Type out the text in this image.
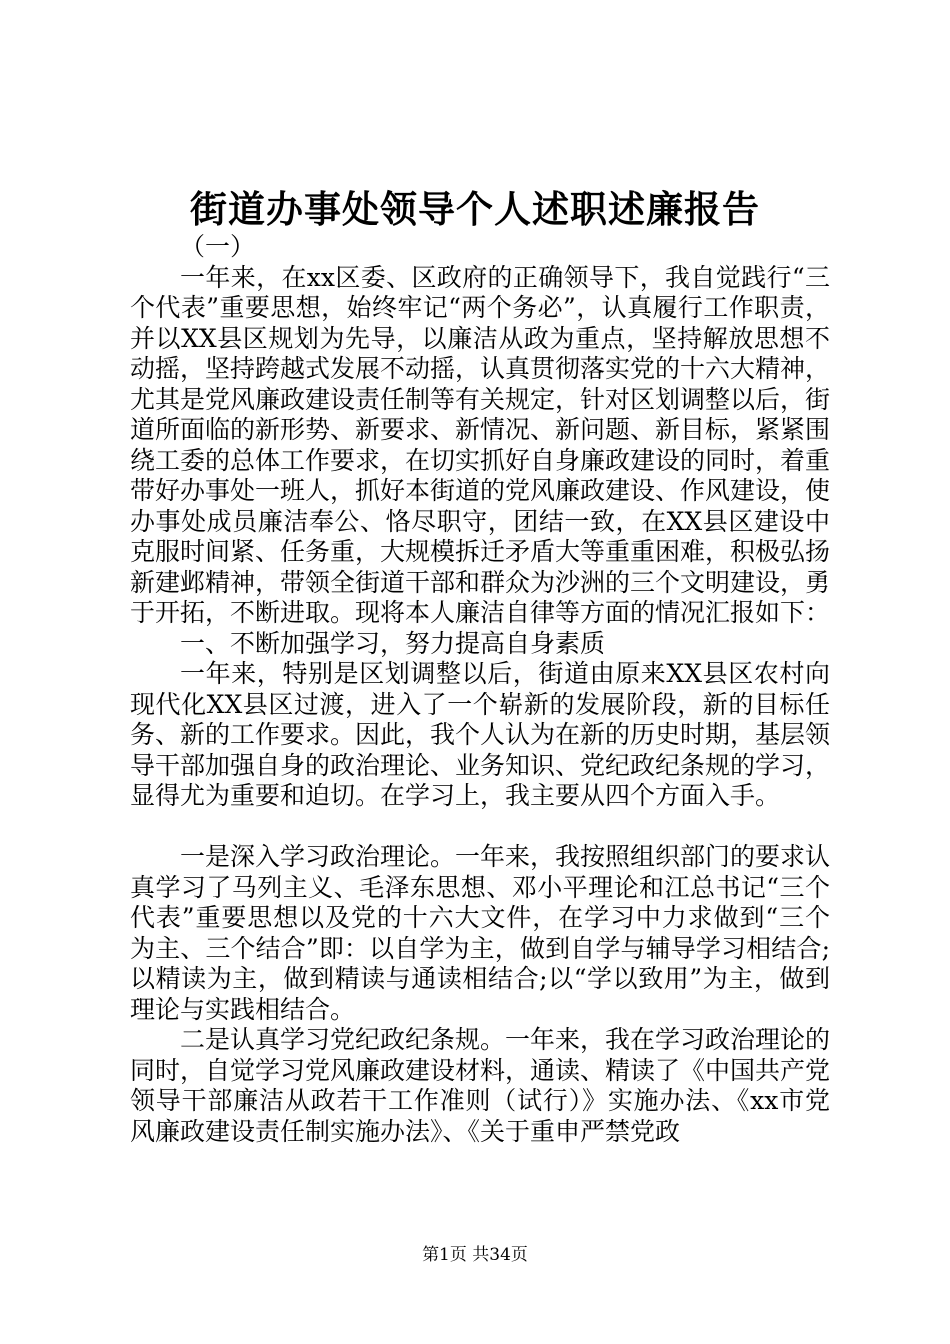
街道办事处领导个人述职述廉报告

（一）

一年来，在xx区委、区政府的正确领导下，我自觉践行“三个代表”重要思想，始终牢记“两个务必”，认真履行工作职责，并以XX县区规划为先导，以廉洁从政为重点，坚持解放思想不动摇，坚持跨越式发展不动摇，认真贯彻落实党的十六大精神，尤其是党风廉政建设责任制等有关规定，针对区划调整以后，街道所面临的新形势、新要求、新情况、新问题、新目标，紧紧围绕工委的总体工作要求，在切实抓好自身廉政建设的同时，着重带好办事处一班人，抓好本街道的党风廉政建设、作风建设，使办事处成员廉洁奉公、恪尽职守，团结一致，在XX县区建设中克服时间紧、任务重，大规模拆迁矛盾大等重重困难，积极弘扬新建邺精神，带领全街道干部和群众为沙洲的三个文明建设，勇于开拓，不断进取。现将本人廉洁自律等方面的情况汇报如下：

一、不断加强学习，努力提高自身素质

一年来，特别是区划调整以后，街道由原来XX县区农村向现代化XX县区过渡，进入了一个崭新的发展阶段，新的目标任务、新的工作要求。因此，我个人认为在新的历史时期，基层领导干部加强自身的政治理论、业务知识、党纪政纪条规的学习，显得尤为重要和迫切。在学习上，我主要从四个方面入手。

一是深入学习政治理论。一年来，我按照组织部门的要求认真学习了马列主义、毛泽东思想、邓小平理论和江总书记“三个代表”重要思想以及党的十六大文件，在学习中力求做到“三个为主、三个结合”即：以自学为主，做到自学与辅导学习相结合;以精读为主，做到精读与通读相结合;以“学以致用”为主，做到理论与实践相结合。

二是认真学习党纪政纪条规。一年来，我在学习政治理论的同时，自觉学习党风廉政建设材料，通读、精读了《中国共产党领导干部廉洁从政若干工作准则（试行）》实施办法、《xx市党风廉政建设责任制实施办法》、《关于重申严禁党政

第1页 共34页
